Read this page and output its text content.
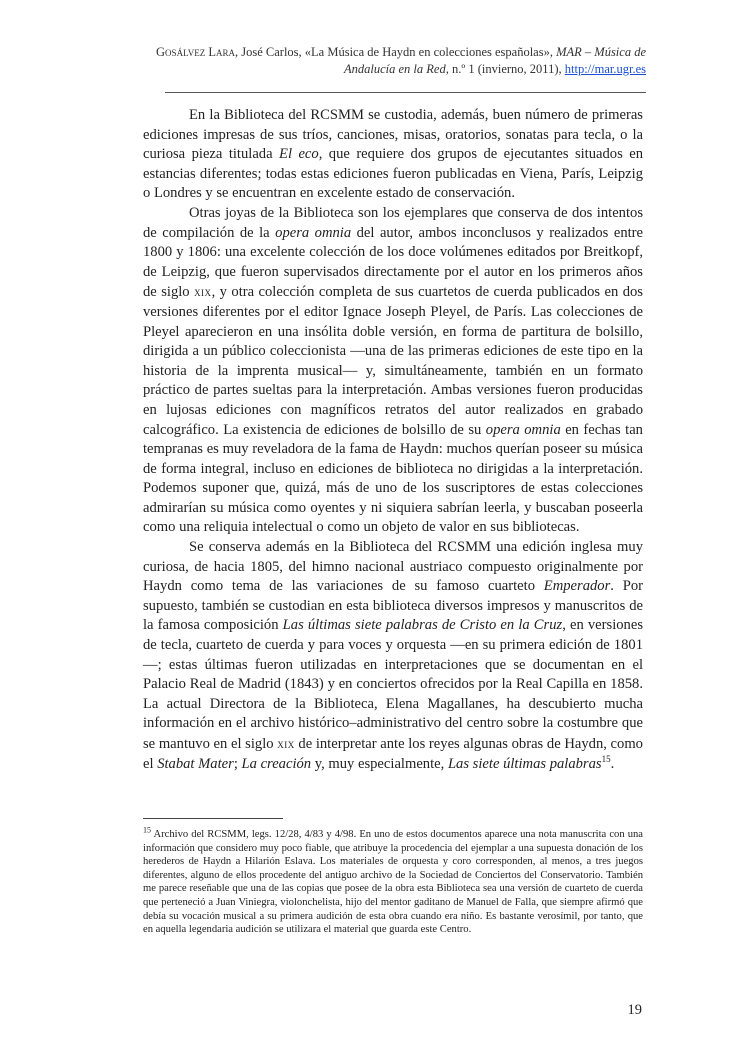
Gosálvez Lara, José Carlos, «La Música de Haydn en colecciones españolas», MAR – Música de Andalucía en la Red, n.º 1 (invierno, 2011), http://mar.ugr.es

En la Biblioteca del RCSMM se custodia, además, buen número de primeras ediciones impresas de sus tríos, canciones, misas, oratorios, sonatas para tecla, o la curiosa pieza titulada El eco, que requiere dos grupos de ejecutantes situados en estancias diferentes; todas estas ediciones fueron publicadas en Viena, París, Leipzig o Londres y se encuentran en excelente estado de conservación.

Otras joyas de la Biblioteca son los ejemplares que conserva de dos intentos de compilación de la opera omnia del autor, ambos inconclusos y realizados entre 1800 y 1806: una excelente colección de los doce volúmenes editados por Breitkopf, de Leipzig, que fueron supervisados directamente por el autor en los primeros años de siglo xix, y otra colección completa de sus cuartetos de cuerda publicados en dos versiones diferentes por el editor Ignace Joseph Pleyel, de París. Las colecciones de Pleyel aparecieron en una insólita doble versión, en forma de partitura de bolsillo, dirigida a un público coleccionista —una de las primeras ediciones de este tipo en la historia de la imprenta musical— y, simultáneamente, también en un formato práctico de partes sueltas para la interpretación. Ambas versiones fueron producidas en lujosas ediciones con magníficos retratos del autor realizados en grabado calcográfico. La existencia de ediciones de bolsillo de su opera omnia en fechas tan tempranas es muy reveladora de la fama de Haydn: muchos querían poseer su música de forma integral, incluso en ediciones de biblioteca no dirigidas a la interpretación. Podemos suponer que, quizá, más de uno de los suscriptores de estas colecciones admirarían su música como oyentes y ni siquiera sabrían leerla, y buscaban poseerla como una reliquia intelectual o como un objeto de valor en sus bibliotecas.

Se conserva además en la Biblioteca del RCSMM una edición inglesa muy curiosa, de hacia 1805, del himno nacional austriaco compuesto originalmente por Haydn como tema de las variaciones de su famoso cuarteto Emperador. Por supuesto, también se custodian en esta biblioteca diversos impresos y manuscritos de la famosa composición Las últimas siete palabras de Cristo en la Cruz, en versiones de tecla, cuarteto de cuerda y para voces y orquesta —en su primera edición de 1801—; estas últimas fueron utilizadas en interpretaciones que se documentan en el Palacio Real de Madrid (1843) y en conciertos ofrecidos por la Real Capilla en 1858. La actual Directora de la Biblioteca, Elena Magallanes, ha descubierto mucha información en el archivo histórico–administrativo del centro sobre la costumbre que se mantuvo en el siglo xix de interpretar ante los reyes algunas obras de Haydn, como el Stabat Mater; La creación y, muy especialmente, Las siete últimas palabras$^{15}$.

$^{15}$ Archivo del RCSMM, legs. 12/28, 4/83 y 4/98. En uno de estos documentos aparece una nota manuscrita con una información que considero muy poco fiable, que atribuye la procedencia del ejemplar a una supuesta donación de los herederos de Haydn a Hilarión Eslava. Los materiales de orquesta y coro corresponden, al menos, a tres juegos diferentes, alguno de ellos procedente del antiguo archivo de la Sociedad de Conciertos del Conservatorio. También me parece reseñable que una de las copias que posee de la obra esta Biblioteca sea una versión de cuarteto de cuerda que perteneció a Juan Viniegra, violonchelista, hijo del mentor gaditano de Manuel de Falla, que siempre afirmó que debía su vocación musical a su primera audición de esta obra cuando era niño. Es bastante verosímil, por tanto, que en aquella legendaria audición se utilizara el material que guarda este Centro.
19
